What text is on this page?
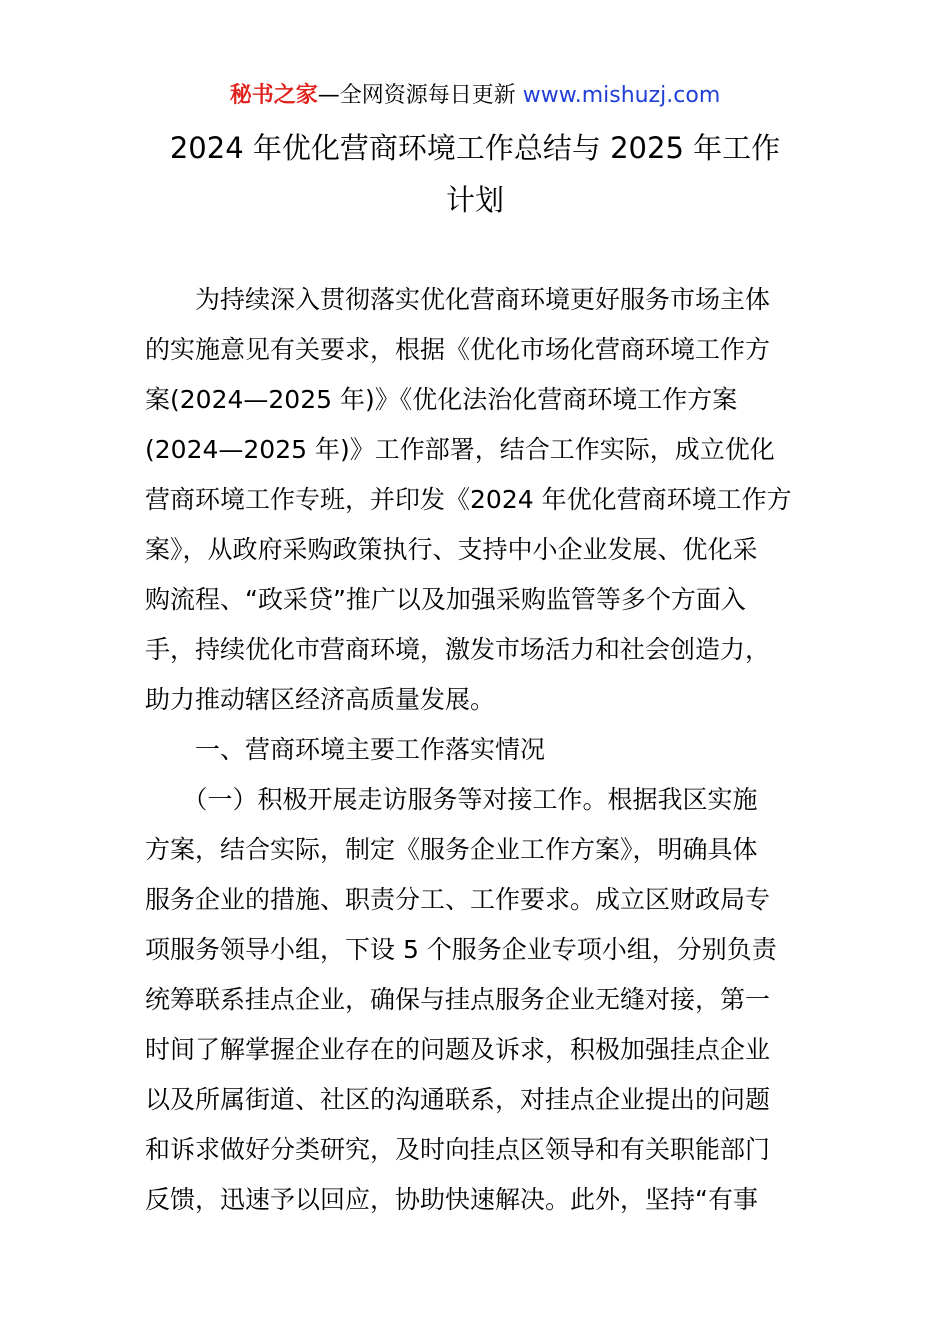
秘书之家—全网资源每日更新 www.mishuzj.com
2024 年优化营商环境工作总结与 2025 年工作
计划
　　为持续深入贯彻落实优化营商环境更好服务市场主体
的实施意见有关要求，根据《优化市场化营商环境工作方
案(2024—2025 年)》《优化法治化营商环境工作方案
(2024—2025 年)》工作部署，结合工作实际，成立优化
营商环境工作专班，并印发《2024 年优化营商环境工作方
案》，从政府采购政策执行、支持中小企业发展、优化采
购流程、“政采贷”推广以及加强采购监管等多个方面入
手，持续优化市营商环境，激发市场活力和社会创造力，
助力推动辖区经济高质量发展。
　　一、营商环境主要工作落实情况
　　（一）积极开展走访服务等对接工作。根据我区实施
方案，结合实际，制定《服务企业工作方案》，明确具体
服务企业的措施、职责分工、工作要求。成立区财政局专
项服务领导小组，下设 5 个服务企业专项小组，分别负责
统筹联系挂点企业，确保与挂点服务企业无缝对接，第一
时间了解掌握企业存在的问题及诉求，积极加强挂点企业
以及所属街道、社区的沟通联系，对挂点企业提出的问题
和诉求做好分类研究，及时向挂点区领导和有关职能部门
反馈，迅速予以回应，协助快速解决。此外，坚持“有事
